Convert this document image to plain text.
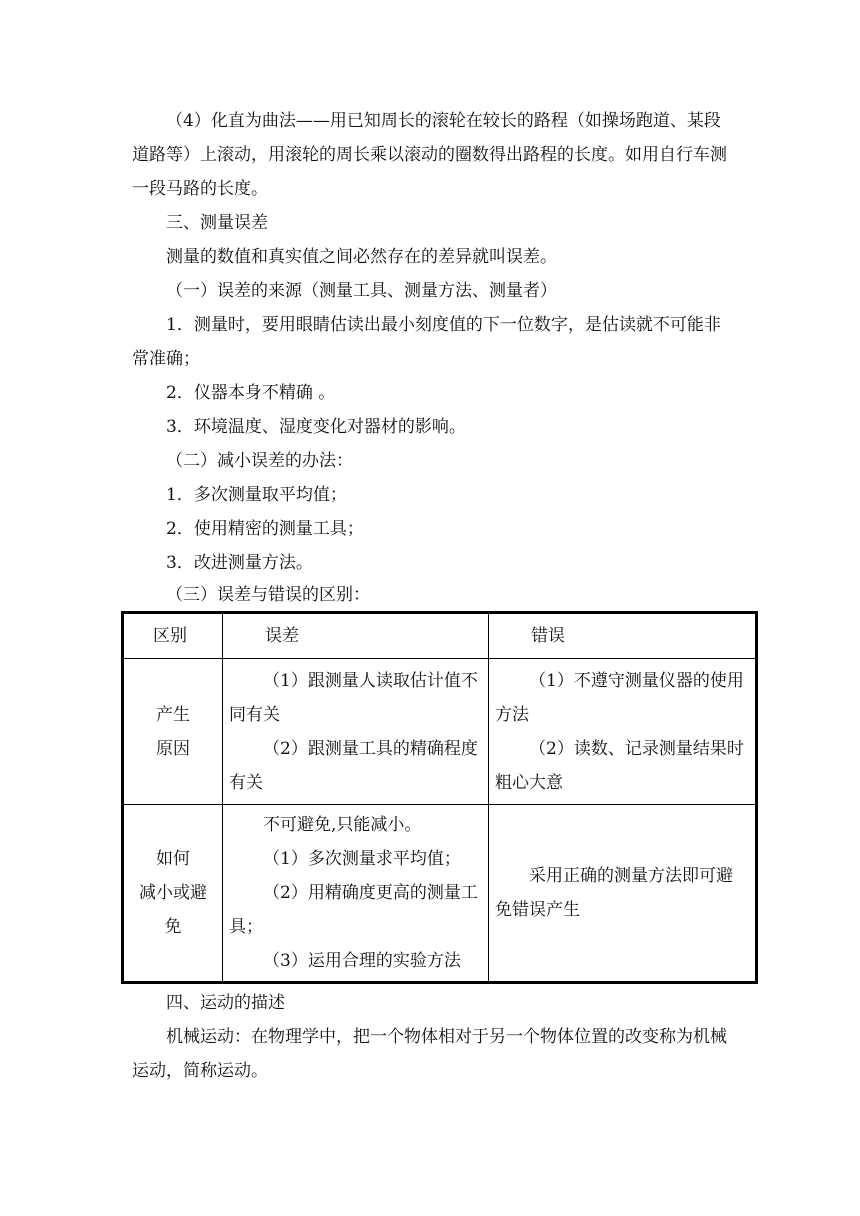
（4）化直为曲法——用已知周长的滚轮在较长的路程（如操场跑道、某段
道路等）上滚动，用滚轮的周长乘以滚动的圈数得出路程的长度。如用自行车测
一段马路的长度。
三、测量误差
测量的数值和真实值之间必然存在的差异就叫误差。
（一）误差的来源（测量工具、测量方法、测量者）
1．测量时，要用眼睛估读出最小刻度值的下一位数字，是估读就不可能非
常准确；
2．仪器本身不精确 。
3．环境温度、湿度变化对器材的影响。
（二）减小误差的办法：
1．多次测量取平均值；
2．使用精密的测量工具；
3．改进测量方法。
（三）误差与错误的区别：
区别	误差	错误

产生
原因	（1）跟测量人读取估计值不
同有关
（2）跟测量工具的精确程度
有关	（1）不遵守测量仪器的使用
方法
（2）读数、记录测量结果时
粗心大意

如何
减小或避
免	不可避免,只能减小。
（1）多次测量求平均值；
（2）用精确度更高的测量工
具；
（3）运用合理的实验方法	采用正确的测量方法即可避
免错误产生
四、运动的描述
机械运动：在物理学中，把一个物体相对于另一个物体位置的改变称为机械
运动，简称运动。
